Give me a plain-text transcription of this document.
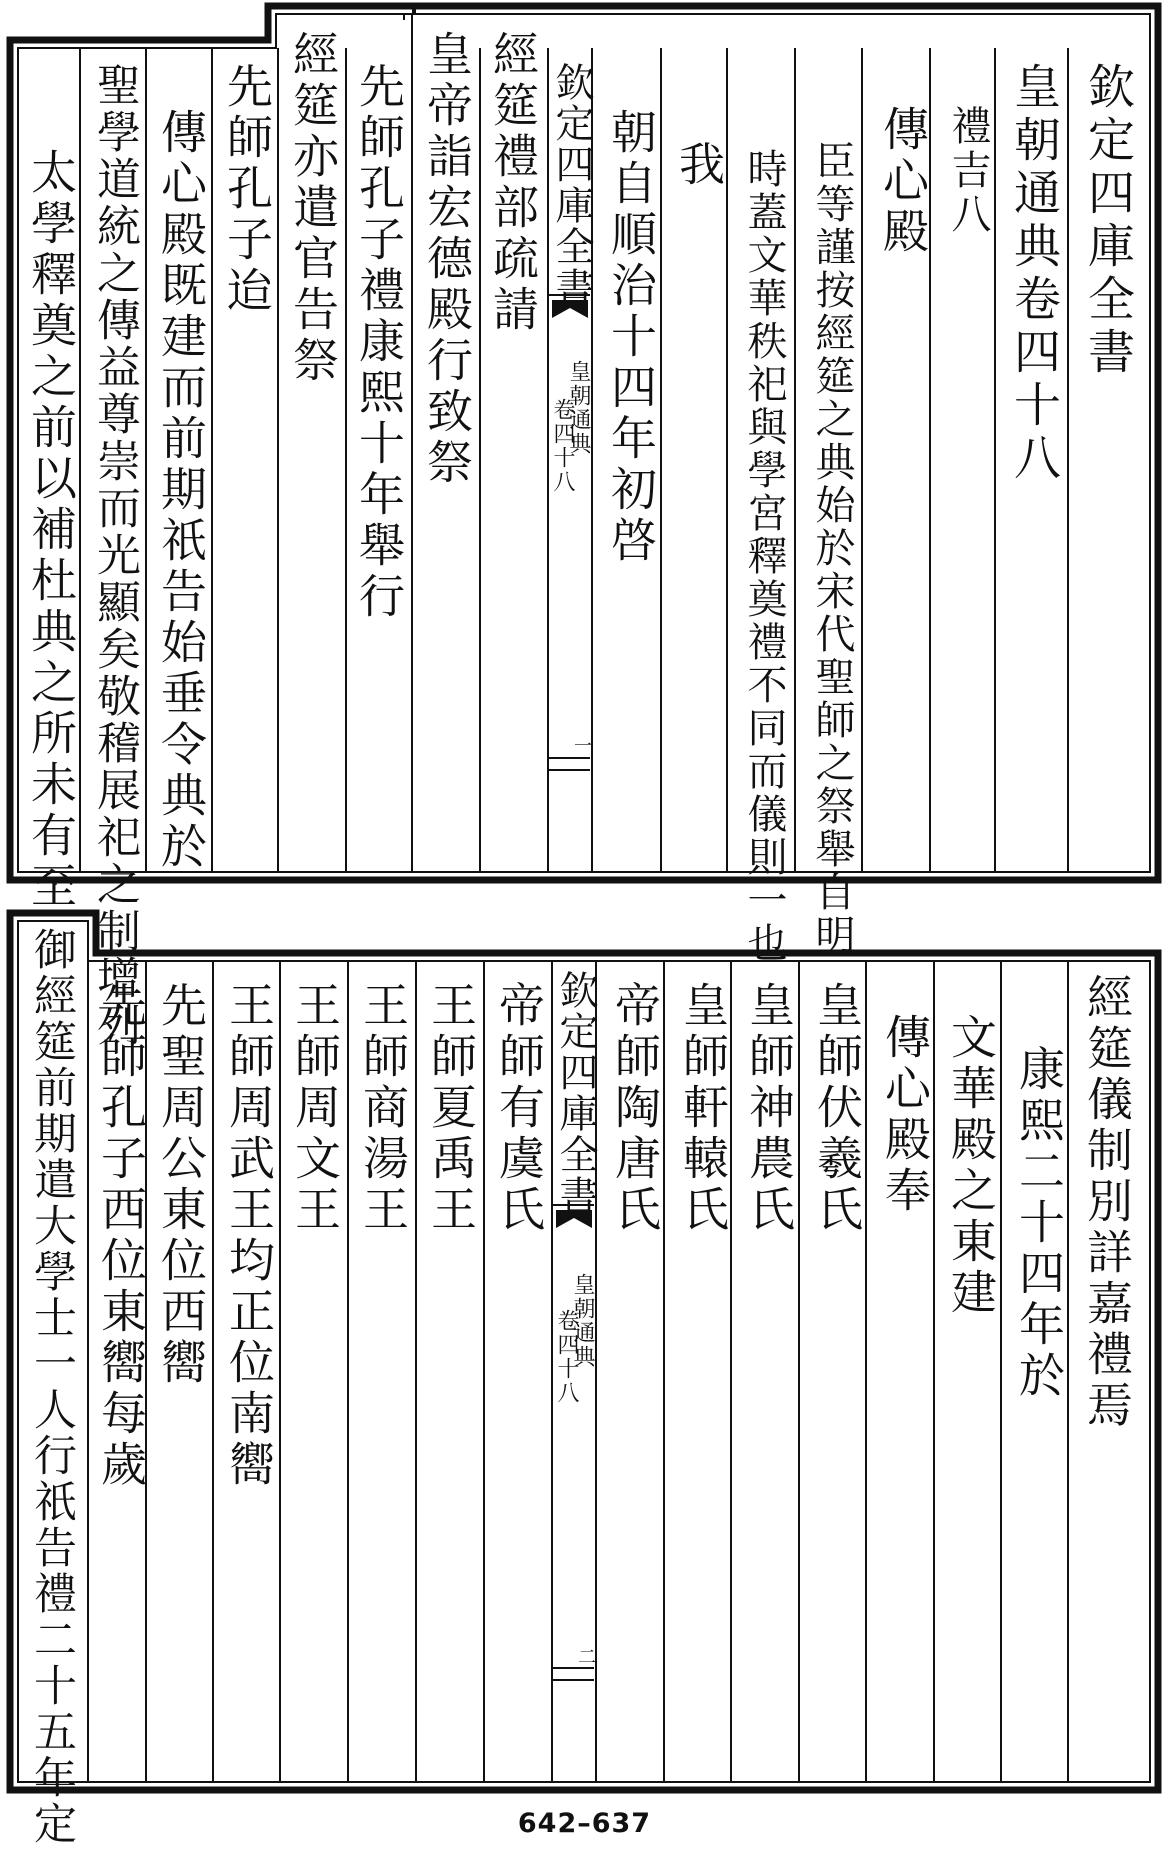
欽定四庫全書
皇朝通典卷四十八
禮吉八
傳心殿
臣等謹按經筵之典始於宋代聖師之祭舉自明
時蓋文華秩祀與學宮釋奠禮不同而儀則一也
我
朝自順治十四年初啓
欽定四庫全書
皇朝通典
卷四十八
一
經筵禮部疏請
皇帝詣宏德殿行致祭
先師孔子禮康熙十年舉行
經筵亦遣官告祭
先師孔子迨
傳心殿既建而前期祇告始垂令典於
聖學道統之傳益尊崇而光顯矣敬稽展祀之制增列
太學釋奠之前以補杜典之所未有至
經筵儀制別詳嘉禮焉
康熙二十四年於
文華殿之東建
傳心殿奉
皇師伏羲氏
皇師神農氏
皇師軒轅氏
帝師陶唐氏
欽定四庫全書
皇朝通典
卷四十八
二
帝師有虞氏
王師夏禹王
王師商湯王
王師周文王
王師周武王均正位南嚮
先聖周公東位西嚮
先師孔子西位東嚮每歲
御經筵前期遣大學士一人行祇告禮二十五年定	642–637
